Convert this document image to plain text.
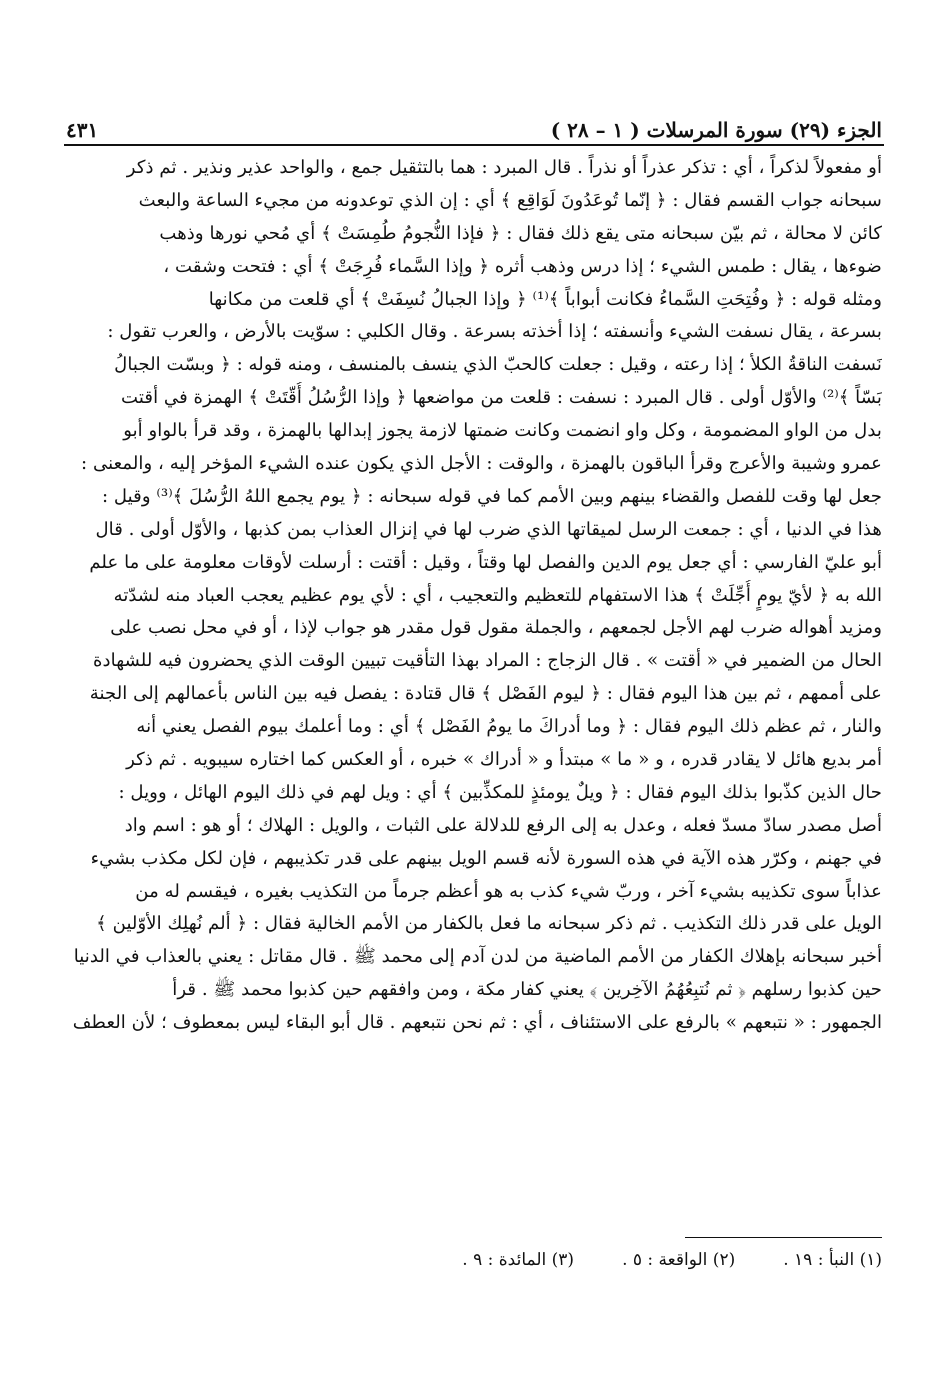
الجزء (٢٩) سورة المرسلات ( ١ – ٢٨ )
٤٣١
أو مفعولاً لذكراً ، أي : تذكر عذراً أو نذراً . قال المبرد : هما بالتثقيل جمع ، والواحد عذير ونذير . ثم ذكر
سبحانه جواب القسم فقال : ﴿ إنّما تُوعَدُونَ لَوَاقِع ﴾ أي : إن الذي توعدونه من مجيء الساعة والبعث
كائن لا محالة ، ثم بيّن سبحانه متى يقع ذلك فقال : ﴿ فإذا النُّجومُ طُمِسَتْ ﴾ أي مُحي نورها وذهب
ضوءها ، يقال : طمس الشيء ؛ إذا درس وذهب أثره ﴿ وإذا السَّماء فُرِجَتْ ﴾ أي : فتحت وشقت ،
ومثله قوله : ﴿ وفُتِحَتِ السَّماءُ فكانت أبواباً ﴾⁽¹⁾ ﴿ وإذا الجبالُ نُسِفَتْ ﴾ أي قلعت من مكانها
بسرعة ، يقال نسفت الشيء وأنسفته ؛ إذا أخذته بسرعة . وقال الكلبي : سوّيت بالأرض ، والعرب تقول :
نَسفت الناقةُ الكلأ ؛ إذا رعته ، وقيل : جعلت كالحبّ الذي ينسف بالمنسف ، ومنه قوله : ﴿ وبسّت الجبالُ
بَسّاً ﴾⁽²⁾ والأوّل أولى . قال المبرد : نسفت : قلعت من مواضعها ﴿ وإذا الرُّسُلُ أُقّتَتْ ﴾ الهمزة في أقتت
بدل من الواو المضمومة ، وكل واو انضمت وكانت ضمتها لازمة يجوز إبدالها بالهمزة ، وقد قرأ بالواو أبو
عمرو وشيبة والأعرج وقرأ الباقون بالهمزة ، والوقت : الأجل الذي يكون عنده الشيء المؤخر إليه ، والمعنى :
جعل لها وقت للفصل والقضاء بينهم وبين الأمم كما في قوله سبحانه : ﴿ يوم يجمع اللهُ الرُّسُلَ ﴾⁽³⁾ وقيل :
هذا في الدنيا ، أي : جمعت الرسل لميقاتها الذي ضرب لها في إنزال العذاب بمن كذبها ، والأوّل أولى . قال
أبو عليّ الفارسي : أي جعل يوم الدين والفصل لها وقتاً ، وقيل : أقتت : أرسلت لأوقات معلومة على ما علم
الله به ﴿ لأيّ يومٍ أُجِّلَتْ ﴾ هذا الاستفهام للتعظيم والتعجيب ، أي : لأي يوم عظيم يعجب العباد منه لشدّته
ومزيد أهواله ضرب لهم الأجل لجمعهم ، والجملة مقول قول مقدر هو جواب لإذا ، أو في محل نصب على
الحال من الضمير في « أقتت » . قال الزجاج : المراد بهذا التأقيت تبيين الوقت الذي يحضرون فيه للشهادة
على أممهم ، ثم بين هذا اليوم فقال : ﴿ ليوم الفَصْل ﴾ قال قتادة : يفصل فيه بين الناس بأعمالهم إلى الجنة
والنار ، ثم عظم ذلك اليوم فقال : ﴿ وما أدراكَ ما يومُ الفَصْل ﴾ أي : وما أعلمك بيوم الفصل يعني أنه
أمر بديع هائل لا يقادر قدره ، و « ما » مبتدأ و « أدراك » خبره ، أو العكس كما اختاره سيبويه . ثم ذكر
حال الذين كذّبوا بذلك اليوم فقال : ﴿ ويلٌ يومئذٍ للمكذِّبين ﴾ أي : ويل لهم في ذلك اليوم الهائل ، وويل :
أصل مصدر سادّ مسدّ فعله ، وعدل به إلى الرفع للدلالة على الثبات ، والويل : الهلاك ؛ أو هو : اسم واد
في جهنم ، وكرّر هذه الآية في هذه السورة لأنه قسم الويل بينهم على قدر تكذيبهم ، فإن لكل مكذب بشيء
عذاباً سوى تكذيبه بشيء آخر ، وربّ شيء كذب به هو أعظم جرماً من التكذيب بغيره ، فيقسم له من
الويل على قدر ذلك التكذيب . ثم ذكر سبحانه ما فعل بالكفار من الأمم الخالية فقال : ﴿ ألم نُهلِك الأوّلين ﴾
أخبر سبحانه بإهلاك الكفار من الأمم الماضية من لدن آدم إلى محمد ﷺ . قال مقاتل : يعني بالعذاب في الدنيا
حين كذبوا رسلهم ﴿ ثم نُتبِعُهُمُ الآخِرين ﴾ يعني كفار مكة ، ومن وافقهم حين كذبوا محمد ﷺ . قرأ
الجمهور : « نتبعهم » بالرفع على الاستئناف ، أي : ثم نحن نتبعهم . قال أبو البقاء ليس بمعطوف ؛ لأن العطف
(١) النبأ : ١٩ .
(٢) الواقعة : ٥ .
(٣) المائدة : ٩ .
